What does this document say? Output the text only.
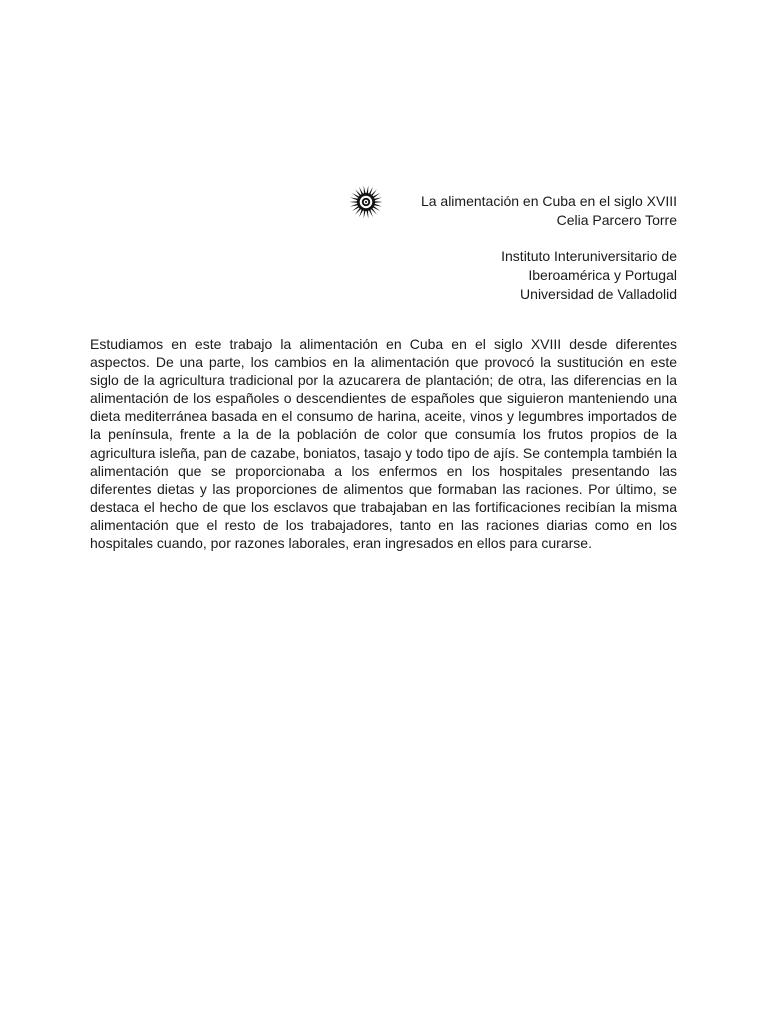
La alimentación en Cuba en el siglo XVIII
Celia Parcero Torre
Instituto Interuniversitario de
Iberoamérica y Portugal
Universidad de Valladolid

Estudiamos en este trabajo la alimentación en Cuba en el siglo XVIII desde diferentes aspectos. De una parte, los cambios en la alimentación que provocó la sustitución en este siglo de la agricultura tradicional por la azucarera de plantación; de otra, las diferencias en la alimentación de los españoles o descendientes de españoles que siguieron manteniendo una dieta mediterránea basada en el consumo de harina, aceite, vinos y legumbres importados de la península, frente a la de la población de color que consumía los frutos propios de la agricultura isleña, pan de cazabe, boniatos, tasajo y todo tipo de ajís. Se contempla también la alimentación que se proporcionaba a los enfermos en los hospitales presentando las diferentes dietas y las proporciones de alimentos que formaban las raciones. Por último, se destaca el hecho de que los esclavos que trabajaban en las fortificaciones recibían la misma alimentación que el resto de los trabajadores, tanto en las raciones diarias como en los hospitales cuando, por razones laborales, eran ingresados en ellos para curarse.
